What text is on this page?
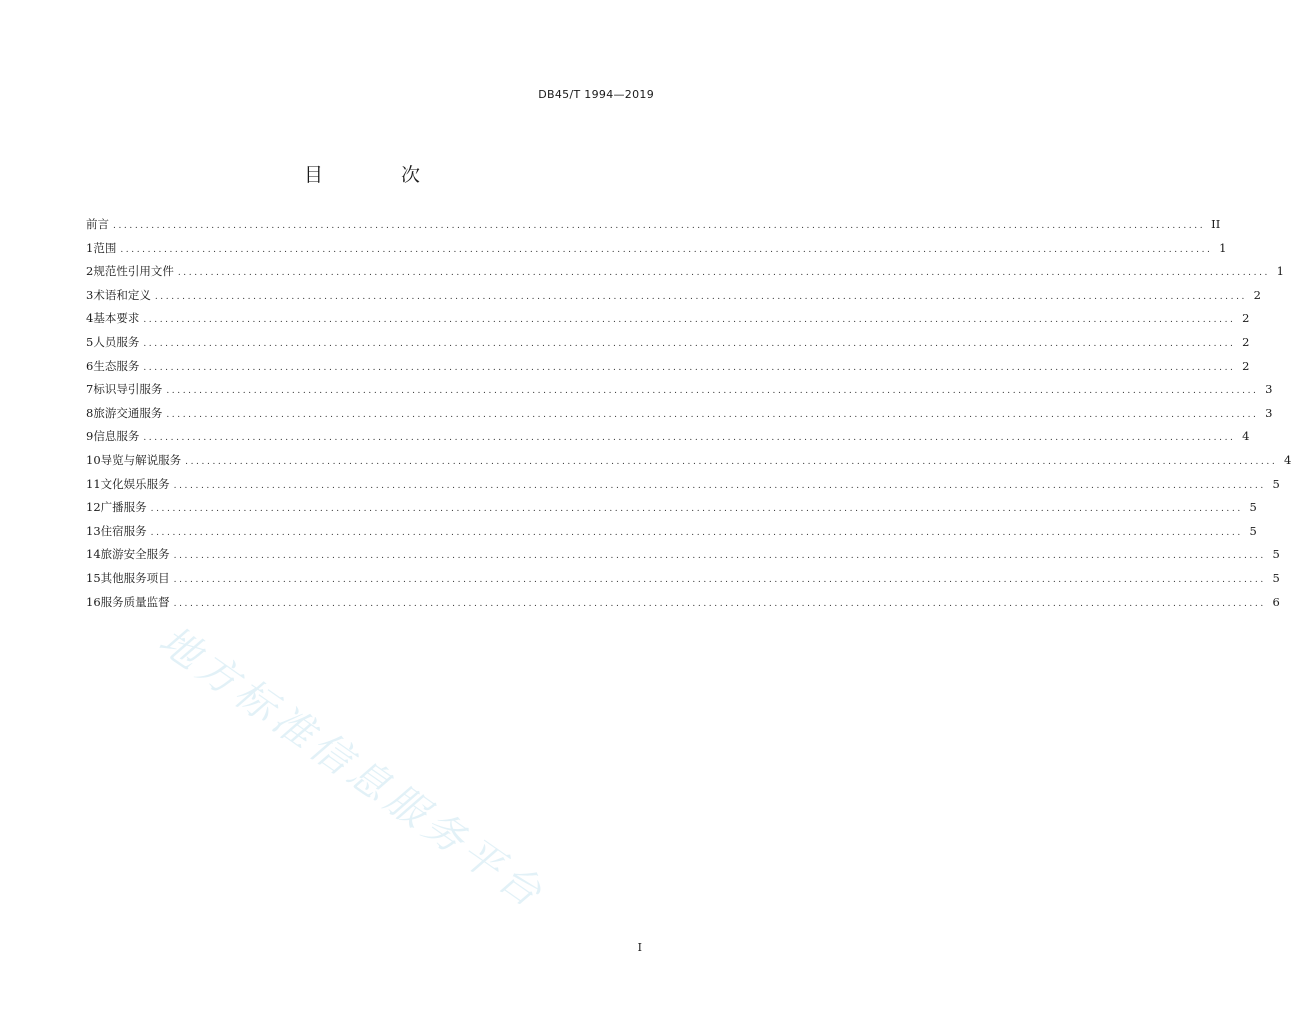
DB45/T 1994—2019
目 次
前言 ........................................................................................................................................................................................................ II
1 范围 ........................................................................................................................................................................................................ 1
2 规范性引用文件 ........................................................................................................................................................................................................ 1
3 术语和定义 ........................................................................................................................................................................................................ 2
4 基本要求 ........................................................................................................................................................................................................ 2
5 人员服务 ........................................................................................................................................................................................................ 2
6 生态服务 ........................................................................................................................................................................................................ 2
7 标识导引服务 ........................................................................................................................................................................................................ 3
8 旅游交通服务 ........................................................................................................................................................................................................ 3
9 信息服务 ........................................................................................................................................................................................................ 4
10 导览与解说服务 ........................................................................................................................................................................................................ 4
11 文化娱乐服务 ........................................................................................................................................................................................................ 5
12 广播服务 ........................................................................................................................................................................................................ 5
13 住宿服务 ........................................................................................................................................................................................................ 5
14 旅游安全服务 ........................................................................................................................................................................................................ 5
15 其他服务项目 ........................................................................................................................................................................................................ 5
16 服务质量监督 ........................................................................................................................................................................................................ 6
地方标准信息服务平台
I
